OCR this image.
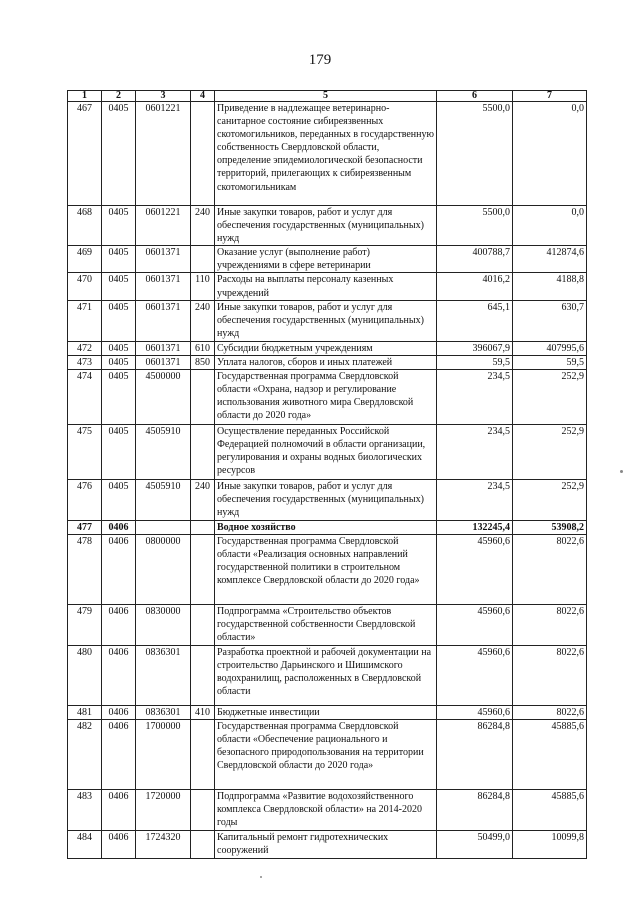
179
1	2	3	4	5	6	7
467	0405	0601221		Приведение в надлежащее ветеринарно-санитарное состояние сибиреязвенных скотомогильников, переданных в государственную собственность Свердловской области, определение эпидемиологической безопасности территорий, прилегающих к сибиреязвенным скотомогильникам	5500,0	0,0
468	0405	0601221	240	Иные закупки товаров, работ и услуг для обеспечения государственных (муниципальных) нужд	5500,0	0,0
469	0405	0601371		Оказание услуг (выполнение работ) учреждениями в сфере ветеринарии	400788,7	412874,6
470	0405	0601371	110	Расходы на выплаты персоналу казенных учреждений	4016,2	4188,8
471	0405	0601371	240	Иные закупки товаров, работ и услуг для обеспечения государственных (муниципальных) нужд	645,1	630,7
472	0405	0601371	610	Субсидии бюджетным учреждениям	396067,9	407995,6
473	0405	0601371	850	Уплата налогов, сборов и иных платежей	59,5	59,5
474	0405	4500000		Государственная программа Свердловской области «Охрана, надзор и регулирование использования животного мира Свердловской области до 2020 года»	234,5	252,9
475	0405	4505910		Осуществление переданных Российской Федерацией полномочий в области организации, регулирования и охраны водных биологических ресурсов	234,5	252,9
476	0405	4505910	240	Иные закупки товаров, работ и услуг для обеспечения государственных (муниципальных) нужд	234,5	252,9
477	0406			Водное хозяйство	132245,4	53908,2
478	0406	0800000		Государственная программа Свердловской области «Реализация основных направлений государственной политики в строительном комплексе Свердловской области до 2020 года»	45960,6	8022,6
479	0406	0830000		Подпрограмма «Строительство объектов государственной собственности Свердловской области»	45960,6	8022,6
480	0406	0836301		Разработка проектной и рабочей документации на строительство Дарьинского и Шишимского водохранилищ, расположенных в Свердловской области	45960,6	8022,6
481	0406	0836301	410	Бюджетные инвестиции	45960,6	8022,6
482	0406	1700000		Государственная программа Свердловской области «Обеспечение рационального и безопасного природопользования на территории Свердловской области до 2020 года»	86284,8	45885,6
483	0406	1720000		Подпрограмма «Развитие водохозяйственного комплекса Свердловской области» на 2014-2020 годы	86284,8	45885,6
484	0406	1724320		Капитальный ремонт гидротехнических сооружений	50499,0	10099,8
